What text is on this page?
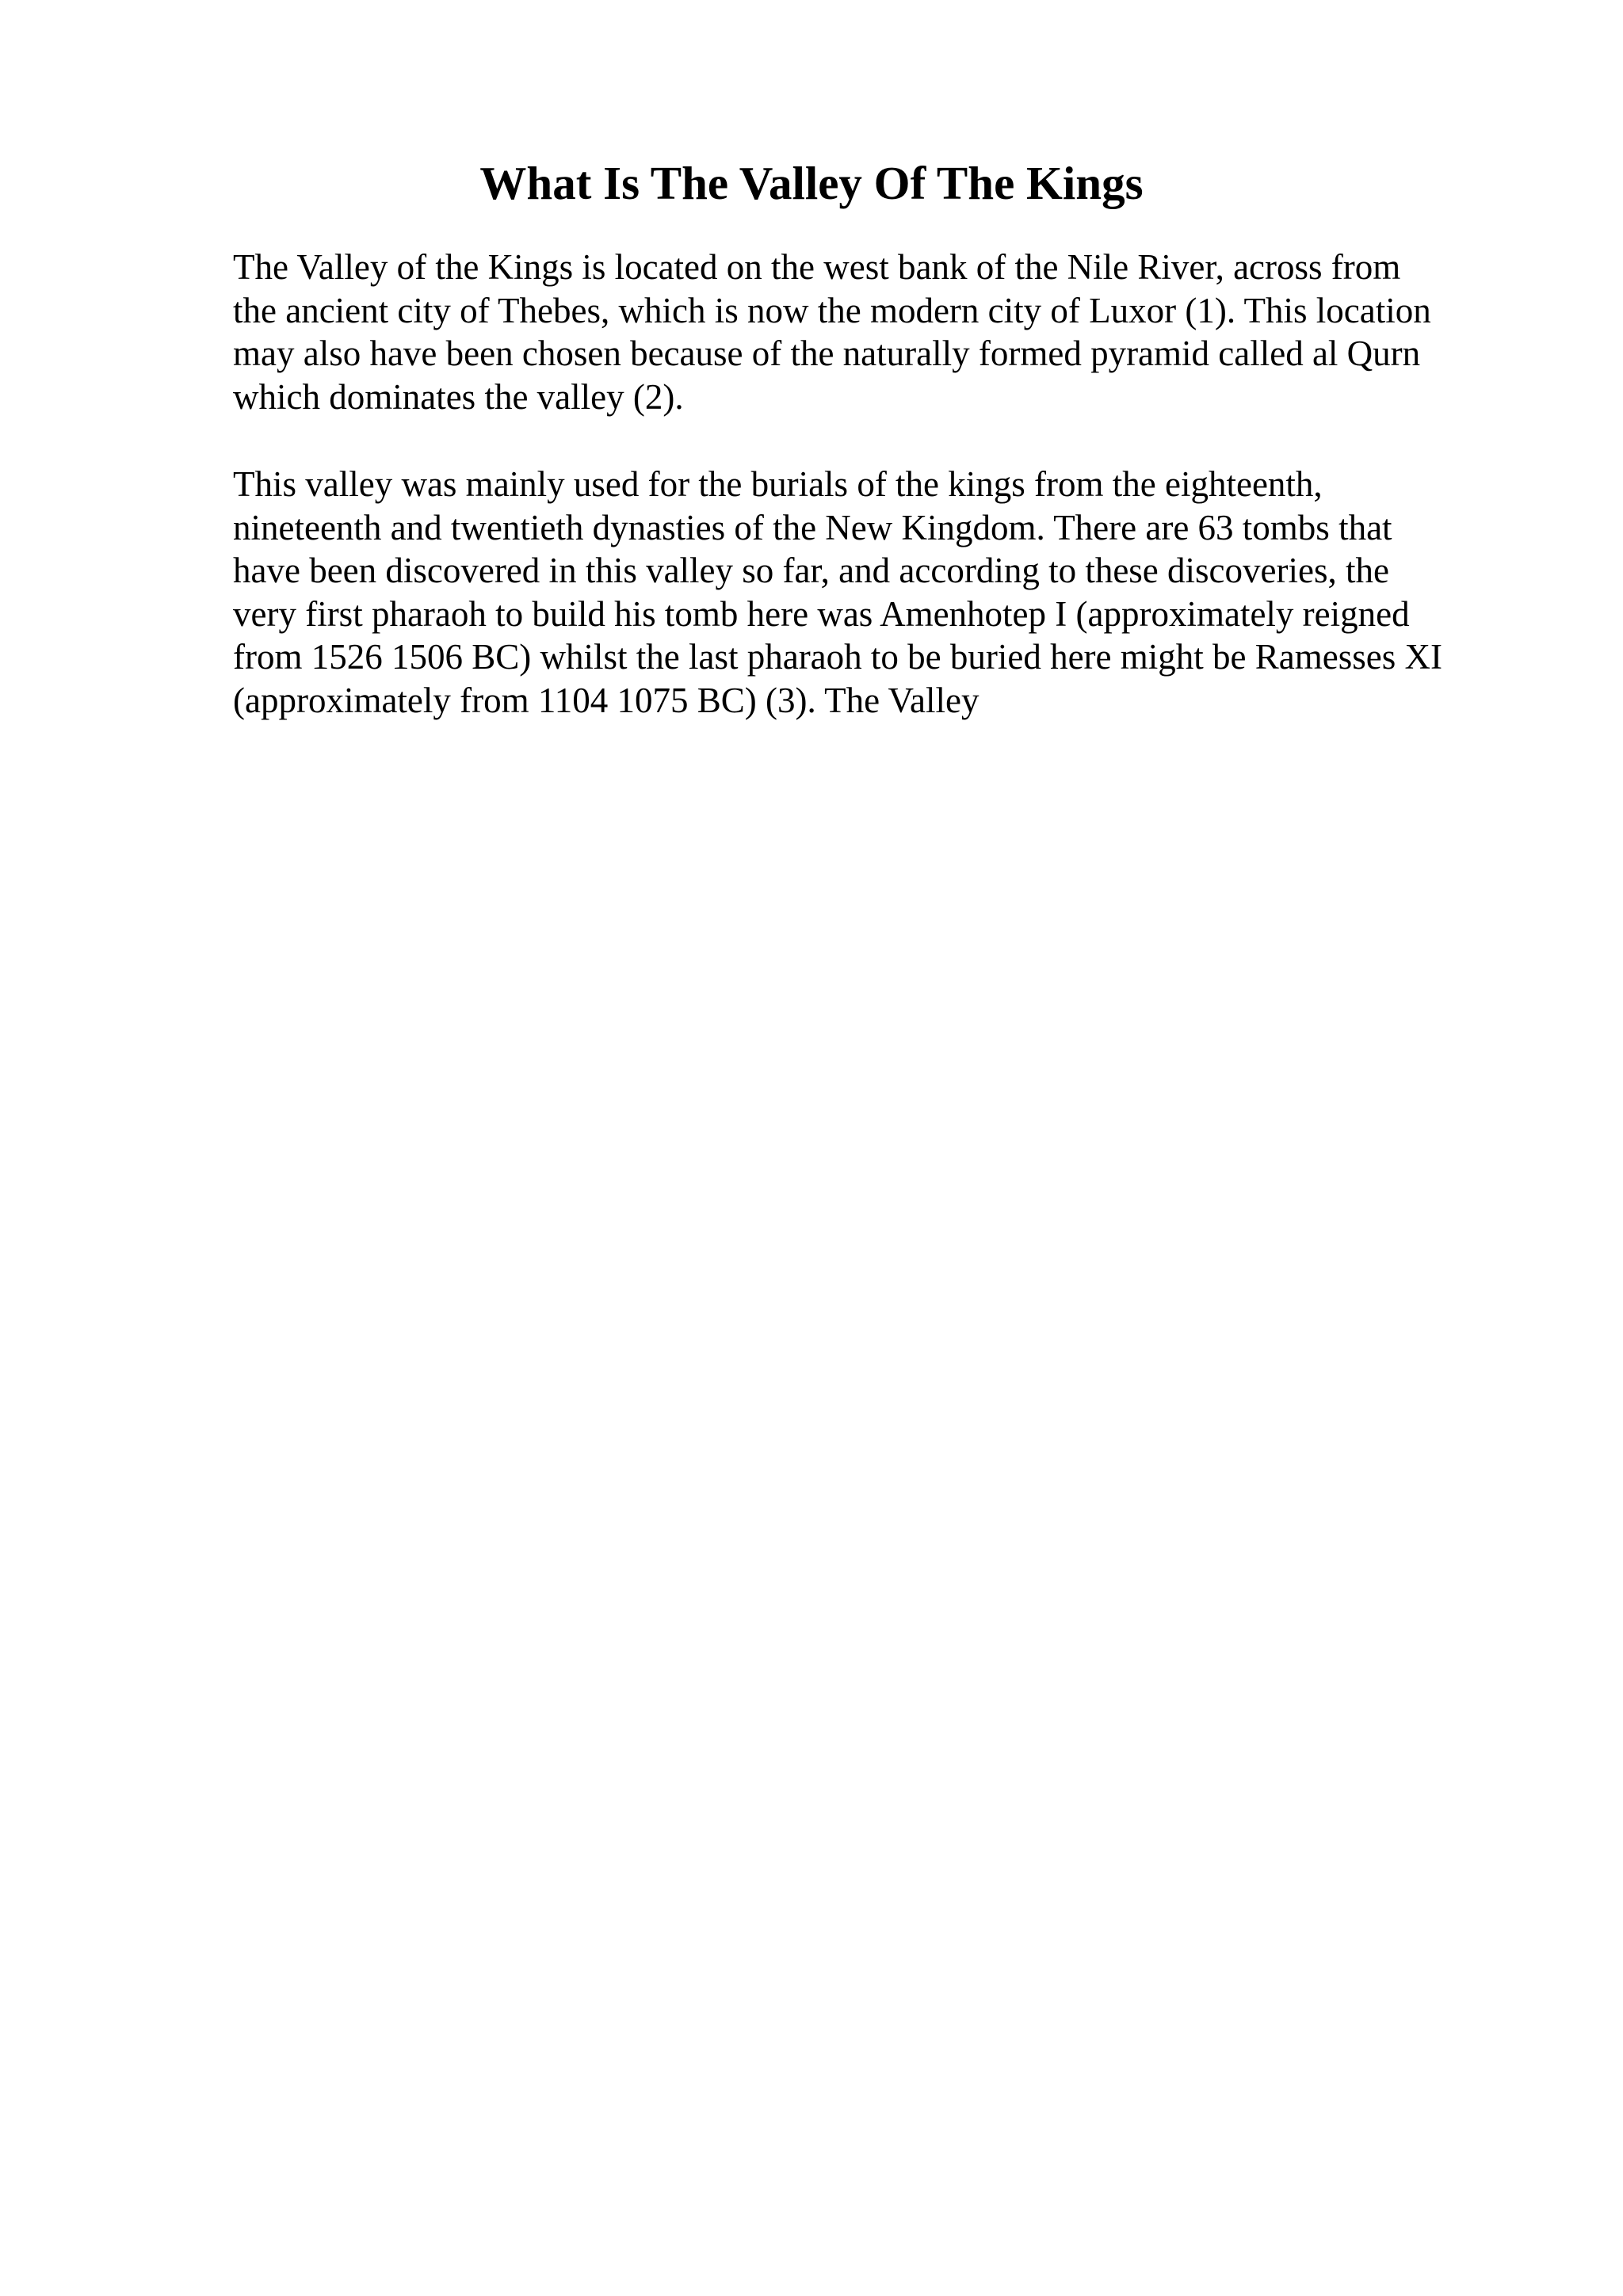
What Is The Valley Of The Kings

The Valley of the Kings is located on the west bank of the Nile River, across from
the ancient city of Thebes, which is now the modern city of Luxor (1). This location
may also have been chosen because of the naturally formed pyramid called al Qurn
which dominates the valley (2).

This valley was mainly used for the burials of the kings from the eighteenth,
nineteenth and twentieth dynasties of the New Kingdom. There are 63 tombs that
have been discovered in this valley so far, and according to these discoveries, the
very first pharaoh to build his tomb here was Amenhotep I (approximately reigned
from 1526 1506 BC) whilst the last pharaoh to be buried here might be Ramesses XI
(approximately from 1104 1075 BC) (3). The Valley
